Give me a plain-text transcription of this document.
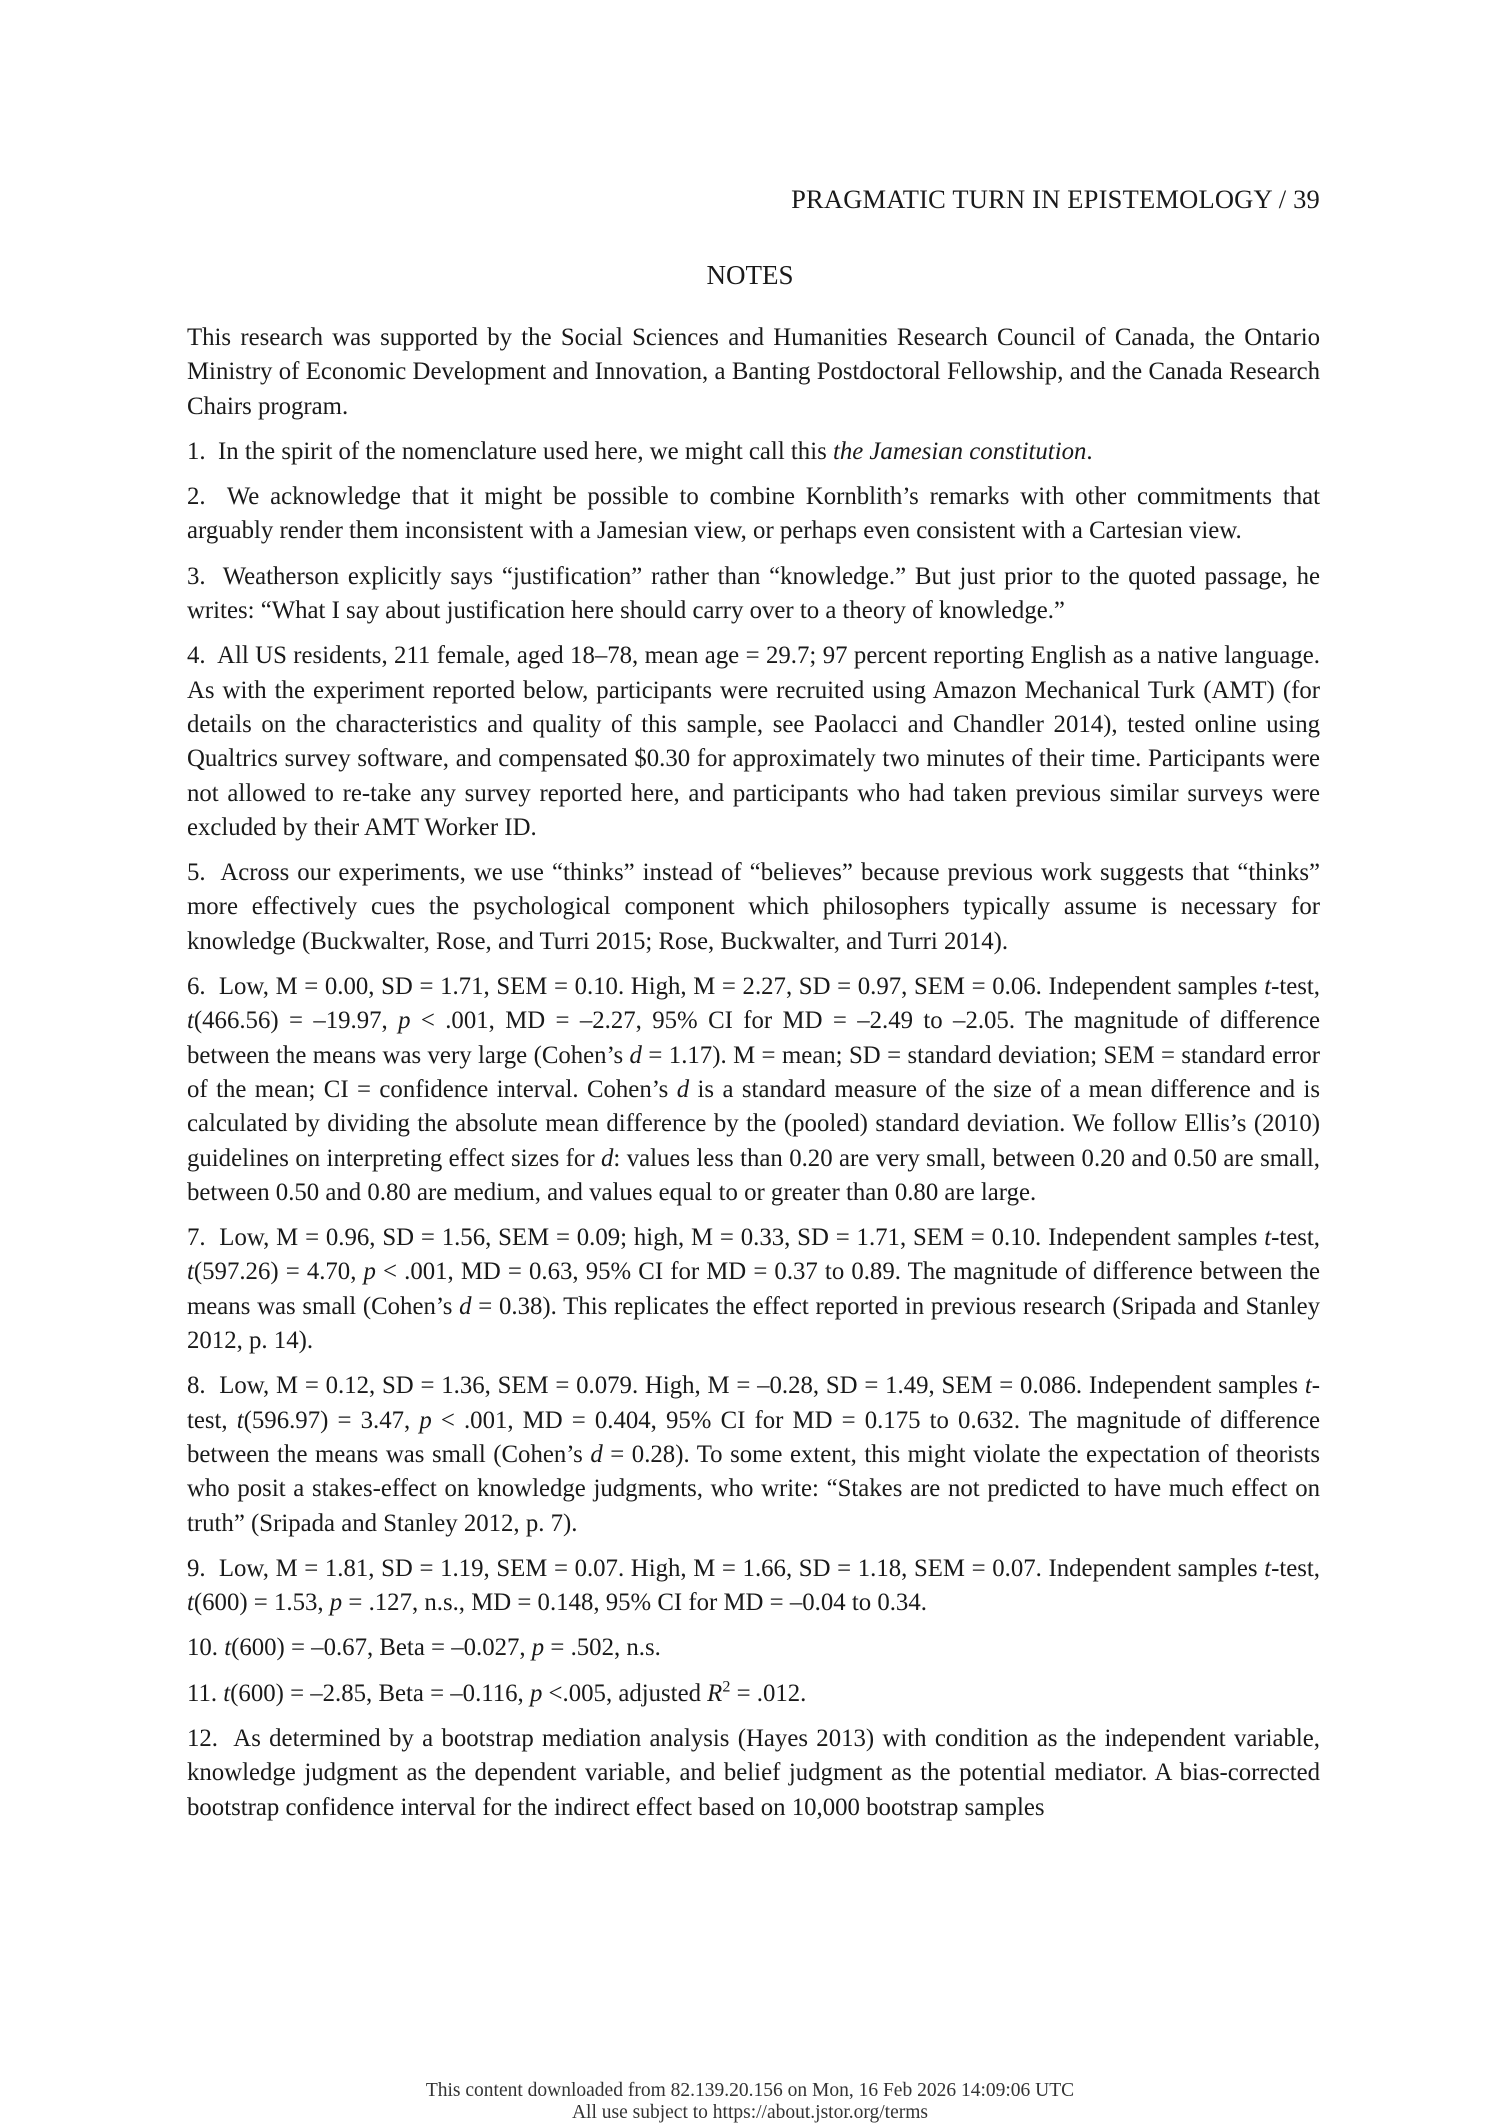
PRAGMATIC TURN IN EPISTEMOLOGY / 39
NOTES

This research was supported by the Social Sciences and Humanities Research Council of Canada, the Ontario Ministry of Economic Development and Innovation, a Banting Postdoctoral Fellowship, and the Canada Research Chairs program.

1. In the spirit of the nomenclature used here, we might call this the Jamesian constitution.

2. We acknowledge that it might be possible to combine Kornblith’s remarks with other commitments that arguably render them inconsistent with a Jamesian view, or perhaps even consistent with a Cartesian view.

3. Weatherson explicitly says “justification” rather than “knowledge.” But just prior to the quoted passage, he writes: “What I say about justification here should carry over to a theory of knowledge.”

4. All US residents, 211 female, aged 18–78, mean age = 29.7; 97 percent reporting English as a native language. As with the experiment reported below, participants were recruited using Amazon Mechanical Turk (AMT) (for details on the characteristics and quality of this sample, see Paolacci and Chandler 2014), tested online using Qualtrics survey software, and compensated $0.30 for approximately two minutes of their time. Participants were not allowed to re-take any survey reported here, and participants who had taken previous similar surveys were excluded by their AMT Worker ID.

5. Across our experiments, we use “thinks” instead of “believes” because previous work suggests that “thinks” more effectively cues the psychological component which philosophers typically assume is necessary for knowledge (Buckwalter, Rose, and Turri 2015; Rose, Buckwalter, and Turri 2014).

6. Low, M = 0.00, SD = 1.71, SEM = 0.10. High, M = 2.27, SD = 0.97, SEM = 0.06. Independent samples t-test, t(466.56) = –19.97, p < .001, MD = –2.27, 95% CI for MD = –2.49 to –2.05. The magnitude of difference between the means was very large (Cohen’s d = 1.17). M = mean; SD = standard deviation; SEM = standard error of the mean; CI = confidence interval. Cohen’s d is a standard measure of the size of a mean difference and is calculated by dividing the absolute mean difference by the (pooled) standard deviation. We follow Ellis’s (2010) guidelines on interpreting effect sizes for d: values less than 0.20 are very small, between 0.20 and 0.50 are small, between 0.50 and 0.80 are medium, and values equal to or greater than 0.80 are large.

7. Low, M = 0.96, SD = 1.56, SEM = 0.09; high, M = 0.33, SD = 1.71, SEM = 0.10. Independent samples t-test, t(597.26) = 4.70, p < .001, MD = 0.63, 95% CI for MD = 0.37 to 0.89. The magnitude of difference between the means was small (Cohen’s d = 0.38). This replicates the effect reported in previous research (Sripada and Stanley 2012, p. 14).

8. Low, M = 0.12, SD = 1.36, SEM = 0.079. High, M = –0.28, SD = 1.49, SEM = 0.086. Independent samples t-test, t(596.97) = 3.47, p < .001, MD = 0.404, 95% CI for MD = 0.175 to 0.632. The magnitude of difference between the means was small (Cohen’s d = 0.28). To some extent, this might violate the expectation of theorists who posit a stakes-effect on knowledge judgments, who write: “Stakes are not predicted to have much effect on truth” (Sripada and Stanley 2012, p. 7).

9. Low, M = 1.81, SD = 1.19, SEM = 0.07. High, M = 1.66, SD = 1.18, SEM = 0.07. Independent samples t-test, t(600) = 1.53, p = .127, n.s., MD = 0.148, 95% CI for MD = –0.04 to 0.34.

10. t(600) = –0.67, Beta = –0.027, p = .502, n.s.

11. t(600) = –2.85, Beta = –0.116, p <.005, adjusted $R^2 = .012$.

12. As determined by a bootstrap mediation analysis (Hayes 2013) with condition as the independent variable, knowledge judgment as the dependent variable, and belief judgment as the potential mediator. A bias-corrected bootstrap confidence interval for the indirect effect based on 10,000 bootstrap samples

This content downloaded from 82.139.20.156 on Mon, 16 Feb 2026 14:09:06 UTC
All use subject to https://about.jstor.org/terms
